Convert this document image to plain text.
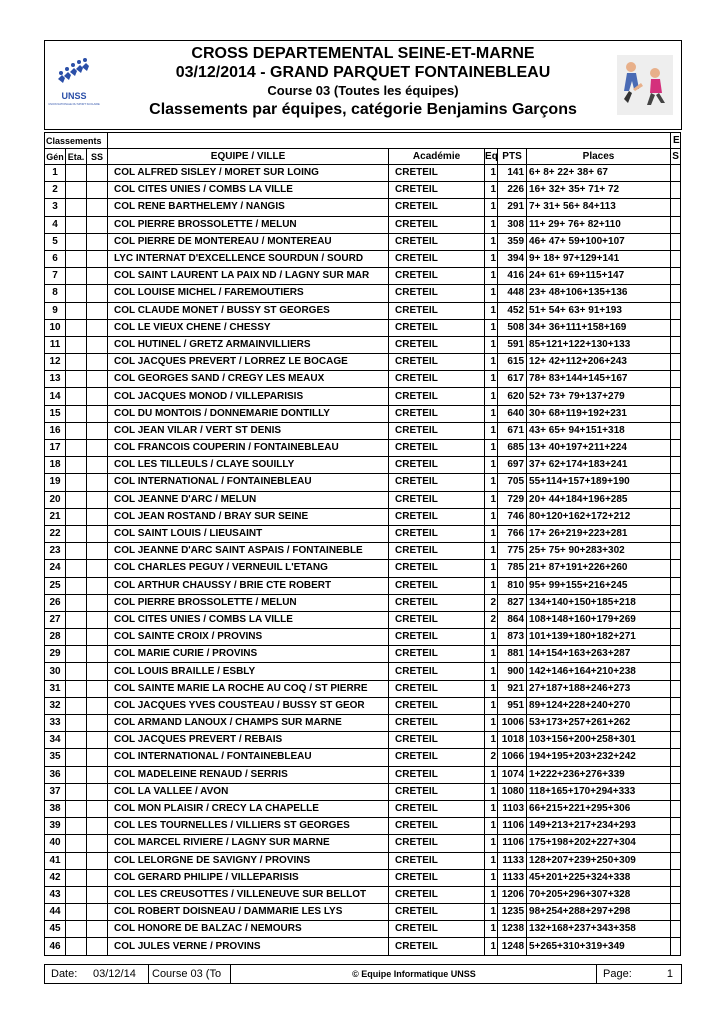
UNSS
UNION NATIONALE DU SPORT SCOLAIRE
CROSS DEPARTEMENTAL SEINE-ET-MARNE
03/12/2014 - GRAND PARQUET FONTAINEBLEAU
Course 03 (Toutes les équipes)
Classements par équipes, catégorie Benjamins Garçons
Classements								E
Gén	Eta.	SS	EQUIPE / VILLE	Académie	Eq	PTS	Places	S
1			COL ALFRED SISLEY / MORET SUR LOING	CRETEIL	1	141	6+ 8+ 22+ 38+ 67	
2			COL CITES UNIES / COMBS LA VILLE	CRETEIL	1	226	16+ 32+ 35+ 71+ 72	
3			COL RENE BARTHELEMY / NANGIS	CRETEIL	1	291	7+ 31+ 56+ 84+113	
4			COL PIERRE BROSSOLETTE / MELUN	CRETEIL	1	308	11+ 29+ 76+ 82+110	
5			COL PIERRE DE MONTEREAU / MONTEREAU	CRETEIL	1	359	46+ 47+ 59+100+107	
6			LYC INTERNAT D'EXCELLENCE SOURDUN / SOURD	CRETEIL	1	394	9+ 18+ 97+129+141	
7			COL SAINT LAURENT LA PAIX ND / LAGNY SUR MAR	CRETEIL	1	416	24+ 61+ 69+115+147	
8			COL LOUISE MICHEL / FAREMOUTIERS	CRETEIL	1	448	23+ 48+106+135+136	
9			COL CLAUDE MONET / BUSSY ST GEORGES	CRETEIL	1	452	51+ 54+ 63+ 91+193	
10			COL LE VIEUX CHENE / CHESSY	CRETEIL	1	508	34+ 36+111+158+169	
11			COL HUTINEL / GRETZ ARMAINVILLIERS	CRETEIL	1	591	85+121+122+130+133	
12			COL JACQUES PREVERT / LORREZ LE BOCAGE	CRETEIL	1	615	12+ 42+112+206+243	
13			COL GEORGES SAND / CREGY LES MEAUX	CRETEIL	1	617	78+ 83+144+145+167	
14			COL JACQUES MONOD / VILLEPARISIS	CRETEIL	1	620	52+ 73+ 79+137+279	
15			COL DU MONTOIS / DONNEMARIE DONTILLY	CRETEIL	1	640	30+ 68+119+192+231	
16			COL JEAN VILAR / VERT ST DENIS	CRETEIL	1	671	43+ 65+ 94+151+318	
17			COL FRANCOIS COUPERIN / FONTAINEBLEAU	CRETEIL	1	685	13+ 40+197+211+224	
18			COL LES TILLEULS / CLAYE SOUILLY	CRETEIL	1	697	37+ 62+174+183+241	
19			COL INTERNATIONAL / FONTAINEBLEAU	CRETEIL	1	705	55+114+157+189+190	
20			COL JEANNE D'ARC / MELUN	CRETEIL	1	729	20+ 44+184+196+285	
21			COL JEAN ROSTAND / BRAY SUR SEINE	CRETEIL	1	746	80+120+162+172+212	
22			COL SAINT LOUIS / LIEUSAINT	CRETEIL	1	766	17+ 26+219+223+281	
23			COL JEANNE D'ARC SAINT ASPAIS / FONTAINEBLE	CRETEIL	1	775	25+ 75+ 90+283+302	
24			COL CHARLES PEGUY / VERNEUIL L'ETANG	CRETEIL	1	785	21+ 87+191+226+260	
25			COL ARTHUR CHAUSSY / BRIE CTE ROBERT	CRETEIL	1	810	95+ 99+155+216+245	
26			COL PIERRE BROSSOLETTE / MELUN	CRETEIL	2	827	134+140+150+185+218	
27			COL CITES UNIES / COMBS LA VILLE	CRETEIL	2	864	108+148+160+179+269	
28			COL SAINTE CROIX / PROVINS	CRETEIL	1	873	101+139+180+182+271	
29			COL MARIE CURIE / PROVINS	CRETEIL	1	881	14+154+163+263+287	
30			COL LOUIS BRAILLE / ESBLY	CRETEIL	1	900	142+146+164+210+238	
31			COL SAINTE MARIE LA ROCHE AU COQ / ST PIERRE	CRETEIL	1	921	27+187+188+246+273	
32			COL JACQUES YVES COUSTEAU / BUSSY ST GEOR	CRETEIL	1	951	89+124+228+240+270	
33			COL ARMAND LANOUX / CHAMPS SUR MARNE	CRETEIL	1	1006	53+173+257+261+262	
34			COL JACQUES PREVERT / REBAIS	CRETEIL	1	1018	103+156+200+258+301	
35			COL INTERNATIONAL / FONTAINEBLEAU	CRETEIL	2	1066	194+195+203+232+242	
36			COL MADELEINE RENAUD / SERRIS	CRETEIL	1	1074	1+222+236+276+339	
37			COL LA VALLEE / AVON	CRETEIL	1	1080	118+165+170+294+333	
38			COL MON PLAISIR / CRECY LA CHAPELLE	CRETEIL	1	1103	66+215+221+295+306	
39			COL LES TOURNELLES / VILLIERS ST GEORGES	CRETEIL	1	1106	149+213+217+234+293	
40			COL MARCEL RIVIERE / LAGNY SUR MARNE	CRETEIL	1	1106	175+198+202+227+304	
41			COL LELORGNE DE SAVIGNY / PROVINS	CRETEIL	1	1133	128+207+239+250+309	
42			COL GERARD PHILIPE / VILLEPARISIS	CRETEIL	1	1133	45+201+225+324+338	
43			COL LES CREUSOTTES / VILLENEUVE SUR BELLOT	CRETEIL	1	1206	70+205+296+307+328	
44			COL ROBERT DOISNEAU / DAMMARIE LES LYS	CRETEIL	1	1235	98+254+288+297+298	
45			COL HONORE DE BALZAC / NEMOURS	CRETEIL	1	1238	132+168+237+343+358	
46			COL JULES VERNE / PROVINS	CRETEIL	1	1248	5+265+310+319+349	
Date: 03/12/14	Course 03 (To	© Equipe Informatique UNSS	Page:	1
